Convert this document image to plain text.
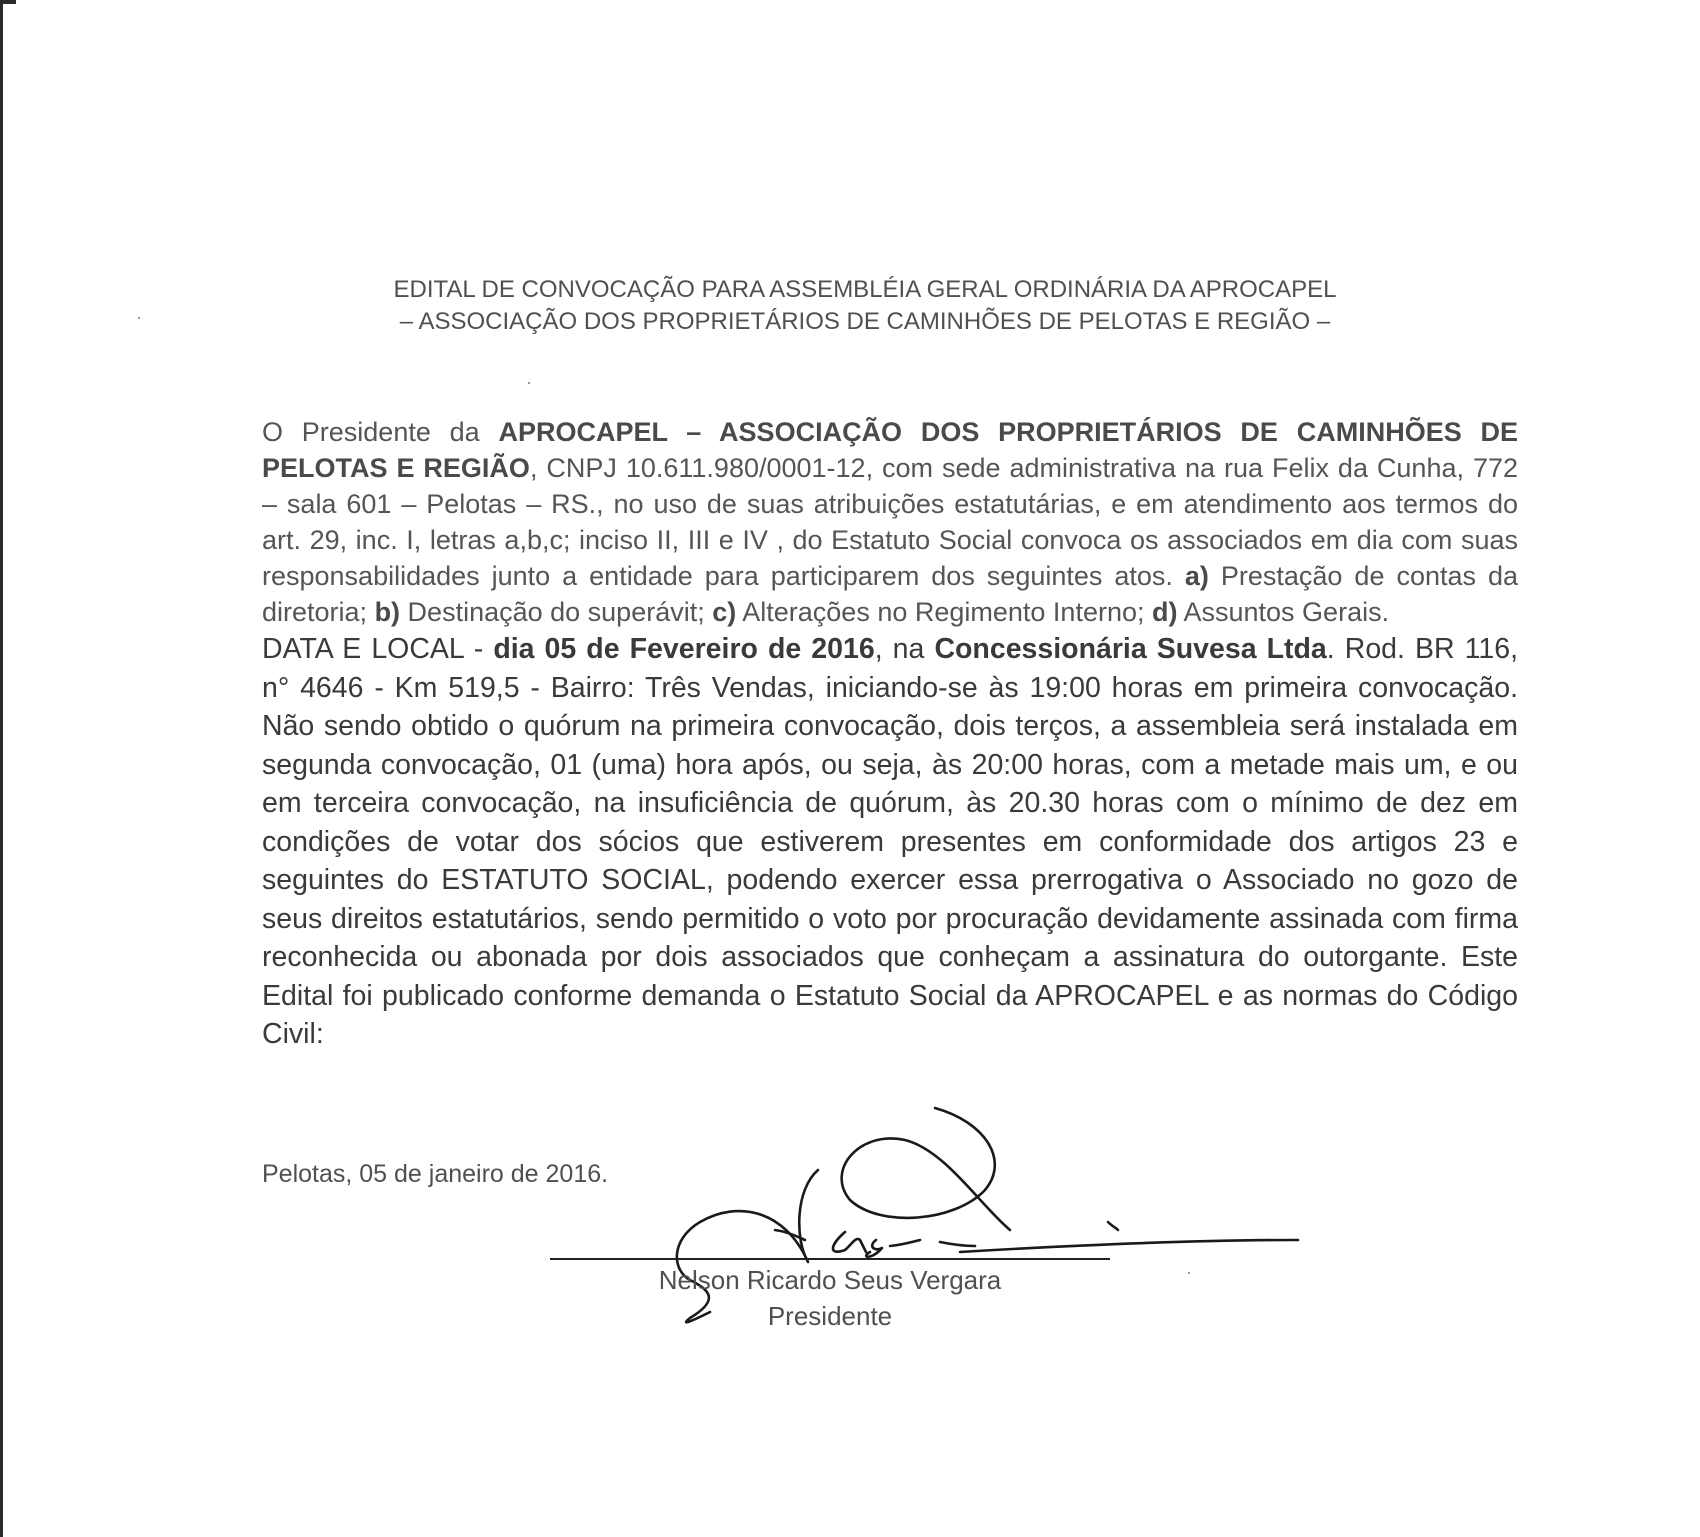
EDITAL DE CONVOCAÇÃO PARA ASSEMBLÉIA GERAL ORDINÁRIA DA APROCAPEL
– ASSOCIAÇÃO DOS PROPRIETÁRIOS DE CAMINHÕES DE PELOTAS E REGIÃO –

O Presidente da APROCAPEL – ASSOCIAÇÃO DOS PROPRIETÁRIOS DE CAMINHÕES DE PELOTAS E REGIÃO, CNPJ 10.611.980/0001-12, com sede administrativa na rua Felix da Cunha, 772 – sala 601 – Pelotas – RS., no uso de suas atribuições estatutárias, e em atendimento aos termos do art. 29, inc. I, letras a,b,c; inciso II, III e IV , do Estatuto Social convoca os associados em dia com suas responsabilidades junto a entidade para participarem dos seguintes atos. a) Prestação de contas da diretoria; b) Destinação do superávit; c) Alterações no Regimento Interno; d) Assuntos Gerais.

DATA E LOCAL - dia 05 de Fevereiro de 2016, na Concessionária Suvesa Ltda. Rod. BR 116, n° 4646 - Km 519,5 - Bairro: Três Vendas, iniciando-se às 19:00 horas em primeira convocação. Não sendo obtido o quórum na primeira convocação, dois terços, a assembleia será instalada em segunda convocação, 01 (uma) hora após, ou seja, às 20:00 horas, com a metade mais um, e ou em terceira convocação, na insuficiência de quórum, às 20.30 horas com o mínimo de dez em condições de votar dos sócios que estiverem presentes em conformidade dos artigos 23 e seguintes do ESTATUTO SOCIAL, podendo exercer essa prerrogativa o Associado no gozo de seus direitos estatutários, sendo permitido o voto por procuração devidamente assinada com firma reconhecida ou abonada por dois associados que conheçam a assinatura do outorgante. Este Edital foi publicado conforme demanda o Estatuto Social da APROCAPEL e as normas do Código Civil:

Pelotas, 05 de janeiro de 2016.
Nelson Ricardo Seus Vergara
Presidente
